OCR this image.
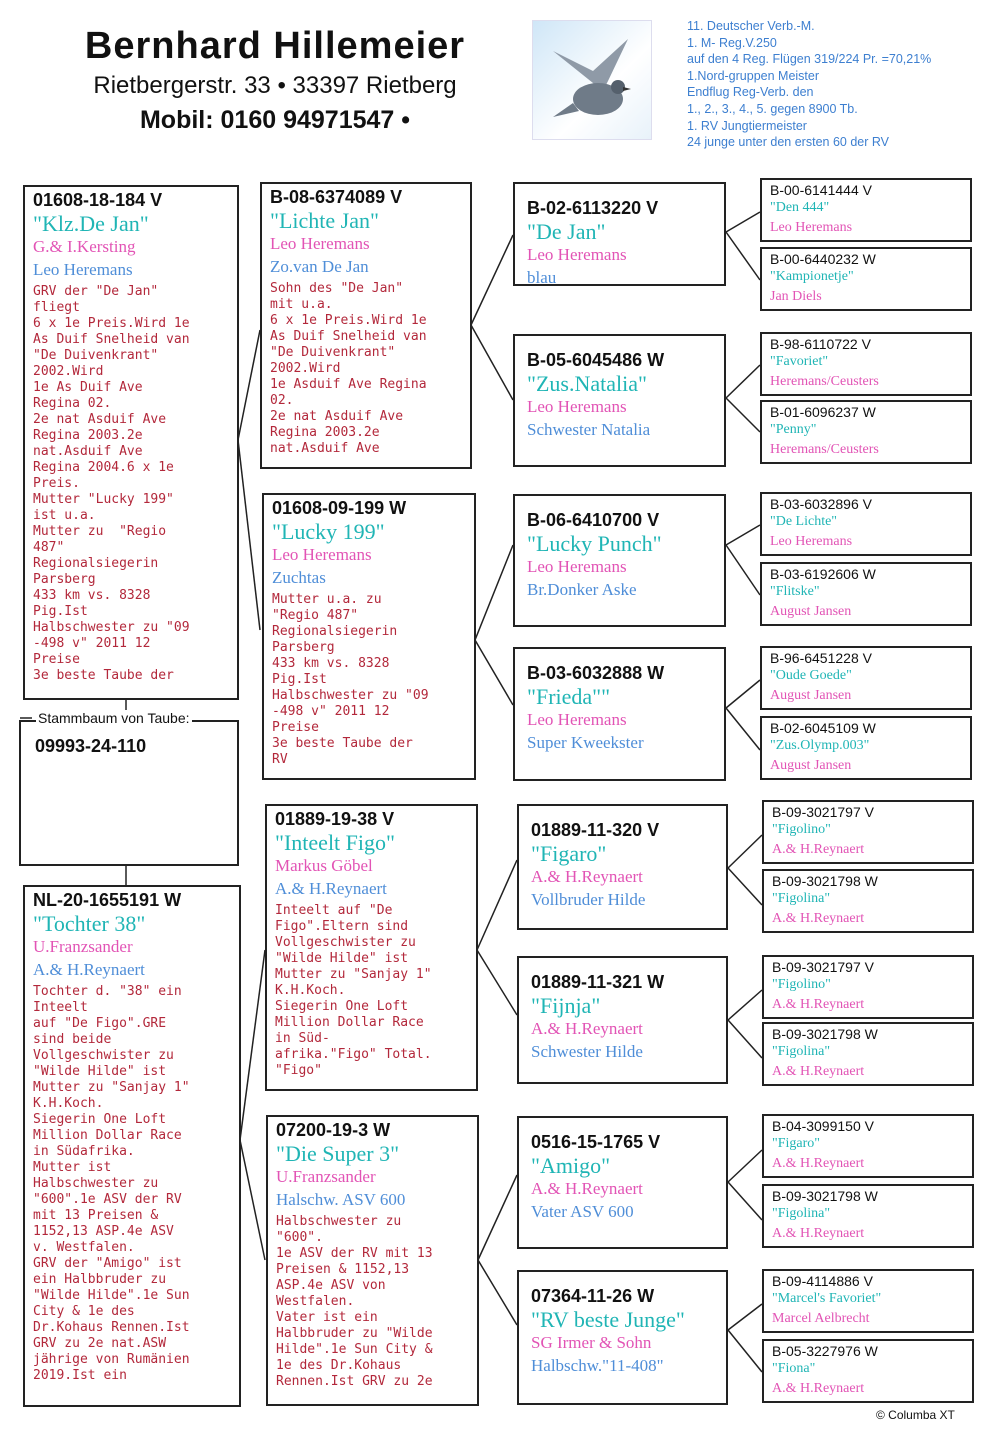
Bernhard Hillemeier
Rietbergerstr. 33 • 33397 Rietberg
Mobil: 0160 94971547 •
11. Deutscher Verb.-M.
1. M- Reg.V.250
auf den 4 Reg. Flügen 319/224 Pr. =70,21%
1.Nord-gruppen Meister
Endflug Reg-Verb. den
1., 2., 3., 4., 5. gegen 8900 Tb.
1. RV Jungtiermeister
24 junge unter den ersten 60 der RV
01608-18-184 V
"Klz.De Jan"
G.& I.Kersting
Leo Heremans
GRV der "De Jan"
fliegt
6 x 1e Preis.Wird 1e
As Duif Snelheid van
"De Duivenkrant"
2002.Wird
1e As Duif Ave
Regina 02.
2e nat Asduif Ave
Regina 2003.2e
nat.Asduif Ave
Regina 2004.6 x 1e
Preis.
Mutter "Lucky 199"
ist u.a.
Mutter zu  "Regio
487"
Regionalsiegerin
Parsberg
433 km vs. 8328
Pig.Ist
Halbschwester zu "09
-498 v" 2011 12
Preise
3e beste Taube der
Stammbaum von Taube:
09993-24-110
NL-20-1655191 W
"Tochter 38"
U.Franzsander
A.& H.Reynaert
Tochter d. "38" ein
Inteelt
auf "De Figo".GRE
sind beide
Vollgeschwister zu
"Wilde Hilde" ist
Mutter zu "Sanjay 1"
K.H.Koch.
Siegerin One Loft
Million Dollar Race
in Südafrika.
Mutter ist
Halbschwester zu
"600".1e ASV der RV
mit 13 Preisen &
1152,13 ASP.4e ASV
v. Westfalen.
GRV der "Amigo" ist
ein Halbbruder zu
"Wilde Hilde".1e Sun
City & 1e des
Dr.Kohaus Rennen.Ist
GRV zu 2e nat.ASW
jährige von Rumänien
2019.Ist ein
B-08-6374089 V
"Lichte Jan"
Leo Heremans
Zo.van De Jan
Sohn des "De Jan"
mit u.a.
6 x 1e Preis.Wird 1e
As Duif Snelheid van
"De Duivenkrant"
2002.Wird
1e Asduif Ave Regina
02.
2e nat Asduif Ave
Regina 2003.2e
nat.Asduif Ave
01608-09-199 W
"Lucky 199"
Leo Heremans
Zuchtas
Mutter u.a. zu
"Regio 487"
Regionalsiegerin
Parsberg
433 km vs. 8328
Pig.Ist
Halbschwester zu "09
-498 v" 2011 12
Preise
3e beste Taube der
RV
01889-19-38 V
"Inteelt Figo"
Markus Göbel
A.& H.Reynaert
Inteelt auf "De
Figo".Eltern sind
Vollgeschwister zu
"Wilde Hilde" ist
Mutter zu "Sanjay 1"
K.H.Koch.
Siegerin One Loft
Million Dollar Race
in Süd-
afrika."Figo" Total.
"Figo"
07200-19-3 W
"Die Super 3"
U.Franzsander
Halschw. ASV 600
Halbschwester zu
"600".
1e ASV der RV mit 13
Preisen & 1152,13
ASP.4e ASV von
Westfalen.
Vater ist ein
Halbbruder zu "Wilde
Hilde".1e Sun City &
1e des Dr.Kohaus
Rennen.Ist GRV zu 2e
B-02-6113220 V
"De Jan"
Leo Heremans
blau
B-05-6045486 W
"Zus.Natalia"
Leo Heremans
Schwester Natalia
B-06-6410700 V
"Lucky Punch"
Leo Heremans
Br.Donker Aske
B-03-6032888 W
"Frieda""
Leo Heremans
Super Kweekster
01889-11-320 V
"Figaro"
A.& H.Reynaert
Vollbruder Hilde
01889-11-321 W
"Fijnja"
A.& H.Reynaert
Schwester Hilde
0516-15-1765 V
"Amigo"
A.& H.Reynaert
Vater ASV 600
07364-11-26 W
"RV beste Junge"
SG Irmer & Sohn
Halbschw."11-408"
B-00-6141444 V
"Den 444"
Leo Heremans
B-00-6440232 W
"Kampionetje"
Jan Diels
B-98-6110722 V
"Favoriet"
Heremans/Ceusters
B-01-6096237 W
"Penny"
Heremans/Ceusters
B-03-6032896 V
"De Lichte"
Leo Heremans
B-03-6192606 W
"Flitske"
August Jansen
B-96-6451228 V
"Oude Goede"
August Jansen
B-02-6045109 W
"Zus.Olymp.003"
August Jansen
B-09-3021797 V
"Figolino"
A.& H.Reynaert
B-09-3021798 W
"Figolina"
A.& H.Reynaert
B-09-3021797 V
"Figolino"
A.& H.Reynaert
B-09-3021798 W
"Figolina"
A.& H.Reynaert
B-04-3099150 V
"Figaro"
A.& H.Reynaert
B-09-3021798 W
"Figolina"
A.& H.Reynaert
B-09-4114886 V
"Marcel's Favoriet"
Marcel Aelbrecht
B-05-3227976 W
"Fiona"
A.& H.Reynaert
© Columba XT
